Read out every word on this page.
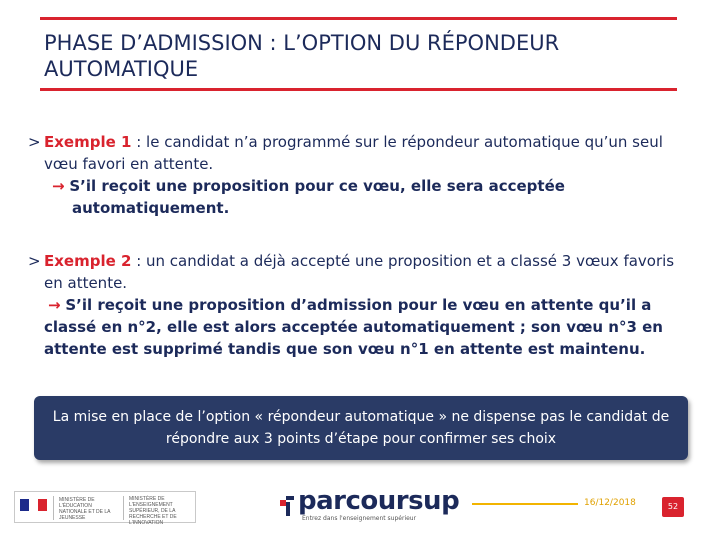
PHASE D’ADMISSION : L’OPTION DU RÉPONDEUR
AUTOMATIQUE
> Exemple 1 : le candidat n’a programmé sur le répondeur automatique qu’un seul vœu favori en attente.
→ S’il reçoit une proposition pour ce vœu, elle sera acceptée automatiquement.
> Exemple 2 : un candidat a déjà accepté une proposition et a classé 3 vœux favoris en attente.
→ S’il reçoit une proposition d’admission pour le vœu en attente qu’il a classé en n°2, elle est alors acceptée automatiquement ; son vœu n°3 en attente est supprimé tandis que son vœu n°1 en attente est maintenu.
La mise en place de l’option « répondeur automatique » ne dispense pas le candidat de répondre aux 3 points d’étape pour confirmer ses choix
MINISTÈRE DE L'ÉDUCATION NATIONALE ET DE LA JEUNESSE
MINISTÈRE DE L'ENSEIGNEMENT SUPÉRIEUR, DE LA RECHERCHE ET DE L'INNOVATION
parcoursup
Entrez dans l'enseignement supérieur
16/12/2018	52
